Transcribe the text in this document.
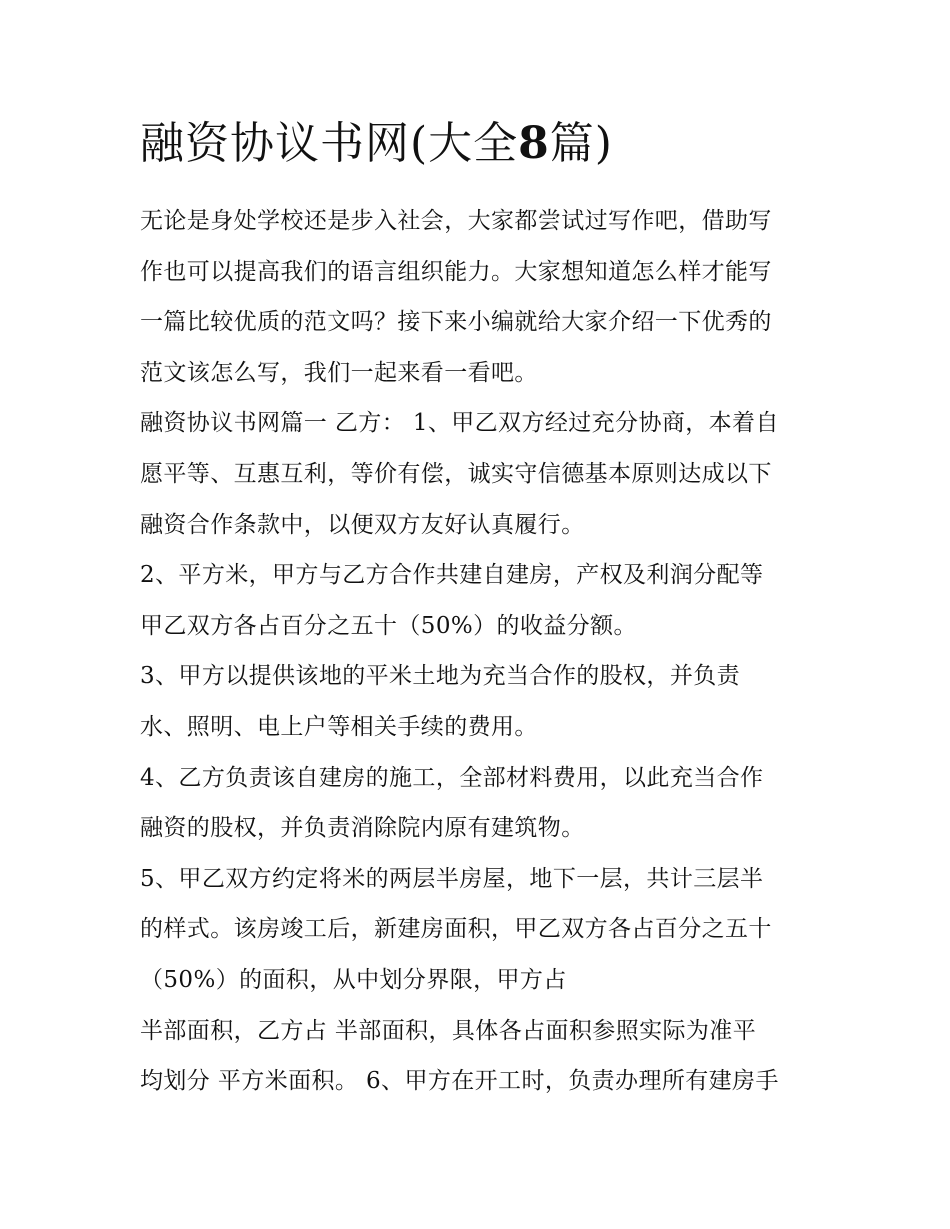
融资协议书网(大全8篇)
无论是身处学校还是步入社会，大家都尝试过写作吧，借助写
作也可以提高我们的语言组织能力。大家想知道怎么样才能写
一篇比较优质的范文吗？接下来小编就给大家介绍一下优秀的
范文该怎么写，我们一起来看一看吧。
融资协议书网篇一 乙方： 1、甲乙双方经过充分协商，本着自
愿平等、互惠互利，等价有偿，诚实守信德基本原则达成以下
融资合作条款中，以便双方友好认真履行。
2、平方米，甲方与乙方合作共建自建房，产权及利润分配等
甲乙双方各占百分之五十（50%）的收益分额。
3、甲方以提供该地的平米土地为充当合作的股权，并负责
水、照明、电上户等相关手续的费用。
4、乙方负责该自建房的施工，全部材料费用，以此充当合作
融资的股权，并负责消除院内原有建筑物。
5、甲乙双方约定将米的两层半房屋，地下一层，共计三层半
的样式。该房竣工后，新建房面积，甲乙双方各占百分之五十
（50%）的面积，从中划分界限，甲方占
半部面积，乙方占 半部面积，具体各占面积参照实际为准平
均划分 平方米面积。 6、甲方在开工时，负责办理所有建房手
